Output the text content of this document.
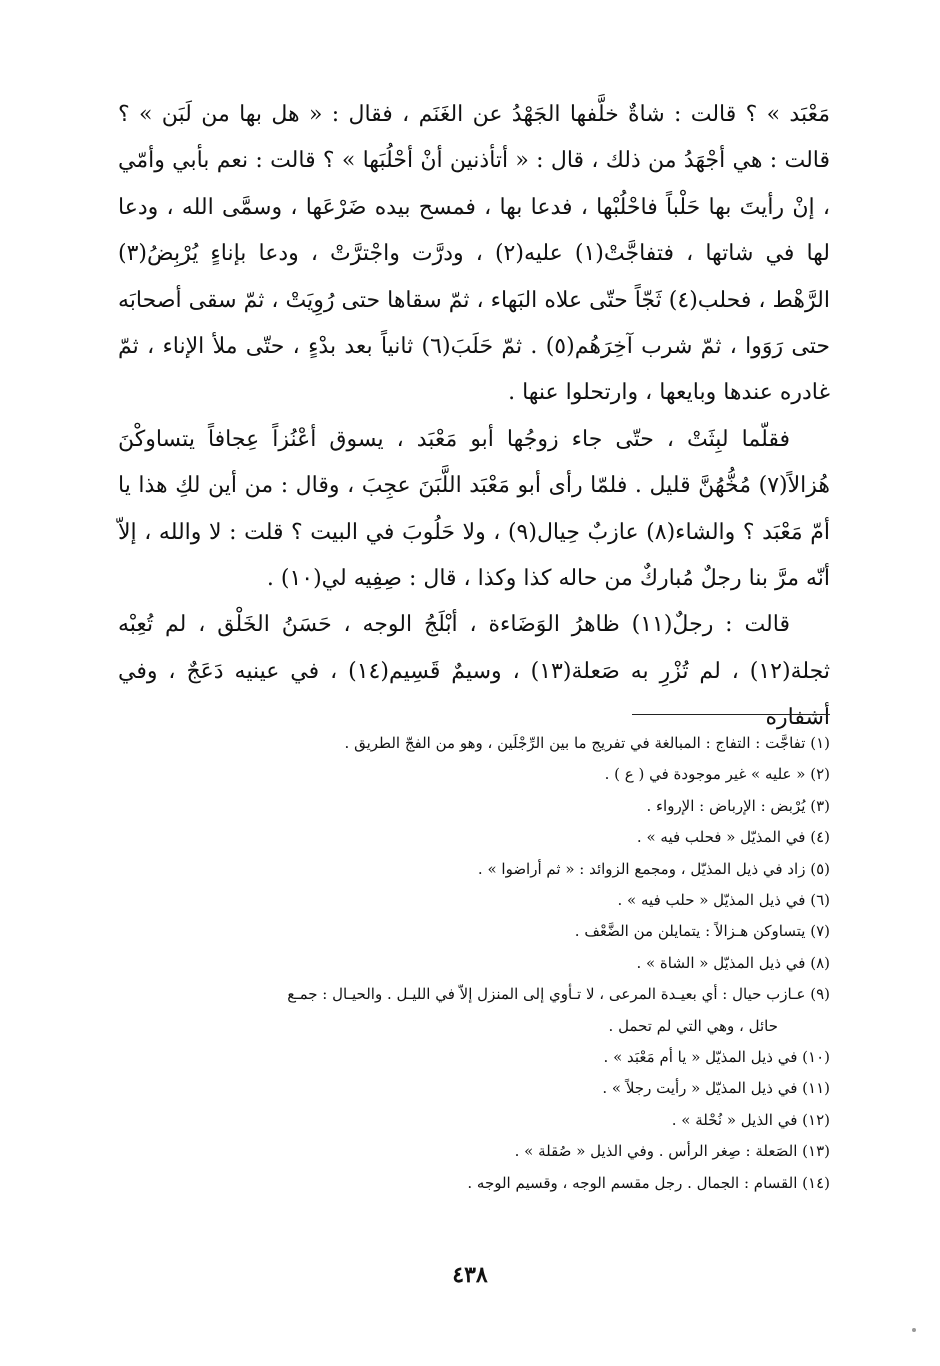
مَعْبَد » ؟ قالت : شاةٌ خلَّفها الجَهْدُ عن الغَنَم ، فقال : « هل بها من لَبَن » ؟ قالت : هي أجْهَدُ من ذلك ، قال : « أتأذنين أنْ أحْلُبَها » ؟ قالت : نعم بأبي وأمّي ، إنْ رأيتَ بها حَلْباً فاحْلُبْها ، فدعا بها ، فمسح بيده ضَرْعَها ، وسمَّى الله ، ودعا لها في شاتها ، فتفاجَّتْ(١) عليه(٢) ، ودرَّت واجْترَّتْ ، ودعا بإناءٍ يُرْبِضُ(٣) الرَّهْط ، فحلب(٤) ثَجّاً حتّى علاه البَهاء ، ثمّ سقاها حتى رُوِيَتْ ، ثمّ سقى أصحابَه حتى رَوَوا ، ثمّ شرب آخِرَهُم(٥) . ثمّ حَلَبَ(٦) ثانياً بعد بدْءٍ ، حتّى ملأ الإناء ، ثمّ غادره عندها وبايعها ، وارتحلوا عنها .

فقلّما لبِثَتْ ، حتّى جاء زوجُها أبو مَعْبَد ، يسوق أعْنُزاً عِجافاً يتساوكْنَ هُزالاً(٧) مُخُّهُنَّ قليل . فلمّا رأى أبو مَعْبَد اللَّبَنَ عجِبَ ، وقال : من أين لكِ هذا يا أمّ مَعْبَد ؟ والشاء(٨) عازبٌ حِيال(٩) ، ولا حَلُوبَ في البيت ؟ قلت : لا والله ، إلاّ أنّه مرَّ بنا رجلٌ مُباركٌ من حاله كذا وكذا ، قال : صِفِيه لي(١٠) .

قالت : رجلٌ(١١) ظاهرُ الوَضَاءة ، أبْلَجُ الوجه ، حَسَنُ الخَلْق ، لم تُعِبْه ثجلة(١٢) ، لم تُزْرِ به صَعلة(١٣) ، وسيمٌ قَسِيم(١٤) ، في عينيه دَعَجٌ ، وفي أشفاره

(١) تفاجَّت : التفاج : المبالغة في تفريج ما بين الرِّجْلَين ، وهو من الفجّ الطريق .
(٢) « عليه » غير موجودة في ( ع ) .
(٣) يُرْبض : الإرباض : الإرواء .
(٤) في المذيّل « فحلب فيه » .
(٥) زاد في ذيل المذيّل ، ومجمع الزوائد : « ثم أراضوا » .
(٦) في ذيل المذيّل « حلب فيه » .
(٧) يتساوكن هـزالاً : يتمايلن من الضَّعْف .
(٨) في ذيل المذيّل « الشاة » .
(٩) عـازب حيال : أي بعيـدة المرعى ، لا تـأوي إلى المنزل إلاّ في الليـل . والحيـال : جمـع
حائل ، وهي التي لم تحمل .
(١٠) في ذيل المذيّل « يا أم مَعْبَد » .
(١١) في ذيل المذيّل « رأيت رجلاً » .
(١٢) في الذيل « نُحْلة » .
(١٣) الصَعلة : صِغر الرأس . وفي الذيل « صُقلة » .
(١٤) القسام : الجمال . رجل مقسم الوجه ، وقسيم الوجه .
٤٣٨
